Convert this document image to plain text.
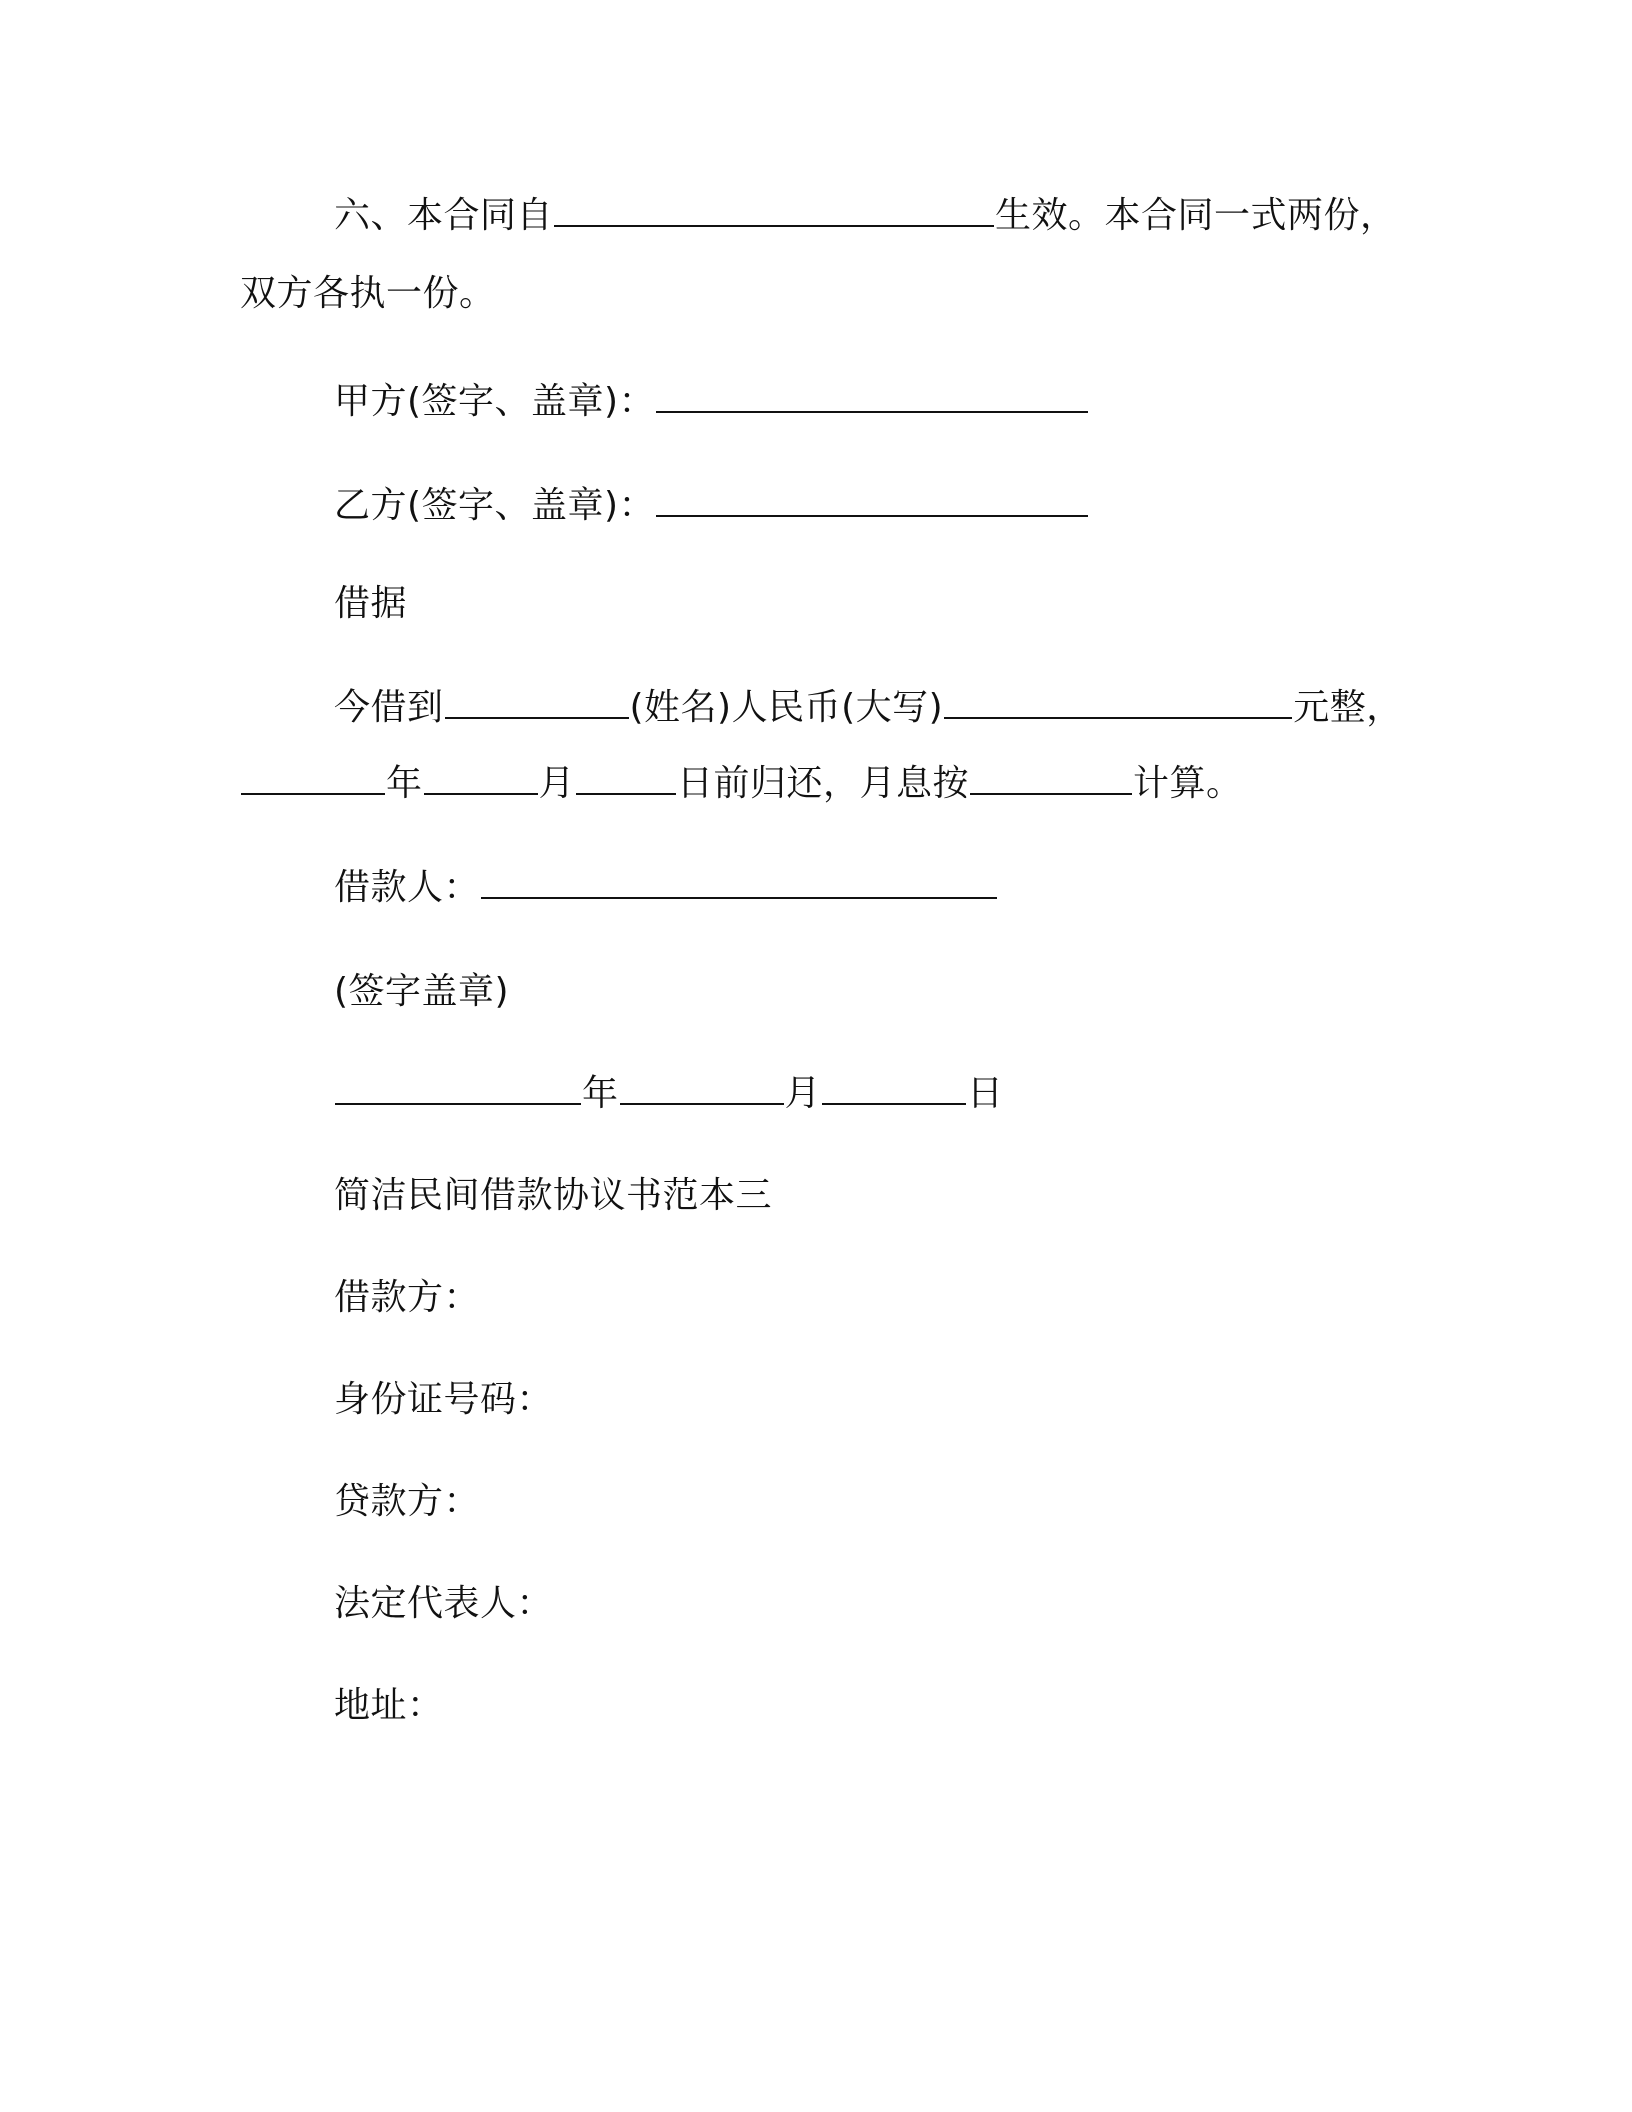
六、本合同自	生效。本合同一式两份，
双方各执一份。
甲方(签字、盖章)：
乙方(签字、盖章)：
借据
今借到	(姓名)人民币(大写)	元整，
年	月	日前归还，月息按	计算。
借款人：
(签字盖章)
年	月	日
简洁民间借款协议书范本三
借款方：
身份证号码：
贷款方：
法定代表人：
地址：
